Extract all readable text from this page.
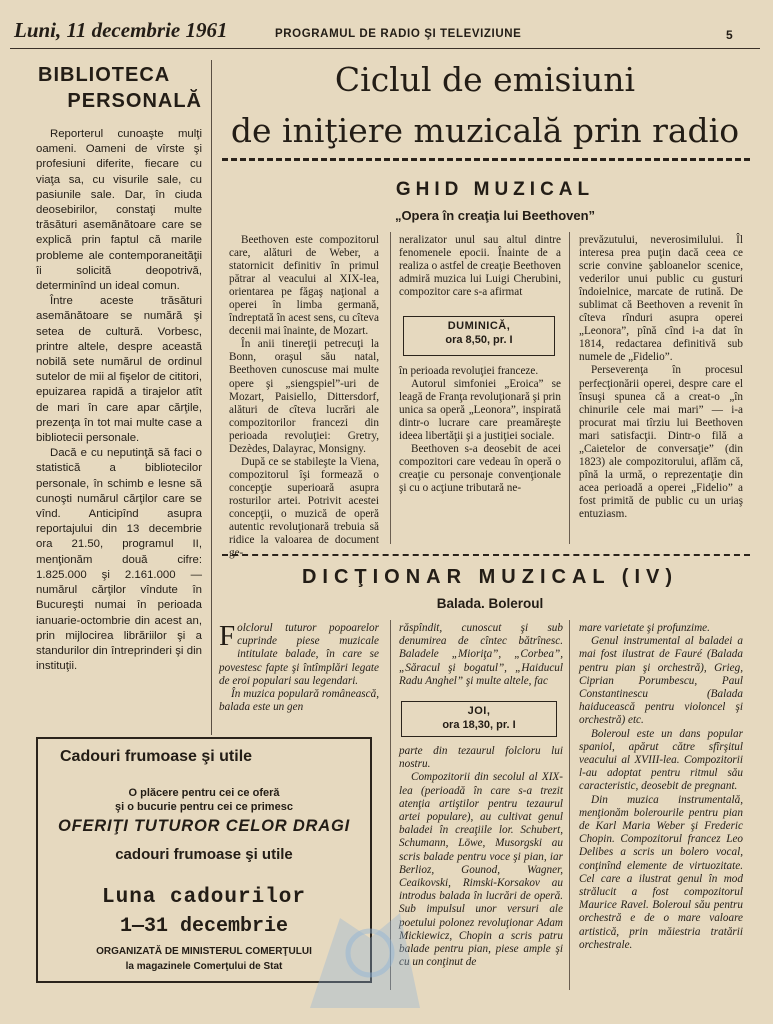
Luni, 11 decembrie 1961	PROGRAMUL DE RADIO ŞI TELEVIZIUNE	5
BIBLIOTECA
PERSONALĂ

Reporterul cunoaşte mulţi oameni. Oameni de vîrste şi profesiuni diferite, fiecare cu viaţa sa, cu visurile sale, cu pasiunile sale. Dar, în ciuda deosebirilor, constaţi multe trăsături asemănătoare care se explică prin faptul că marile probleme ale contemporaneităţii îi solicită deopotrivă, determinînd un ideal comun.

Între aceste trăsături asemănătoare se numără şi setea de cultură. Vorbesc, printre altele, despre această nobilă sete numărul de ordinul sutelor de mii al fişelor de cititori, epuizarea rapidă a tirajelor atît de mari în care apar cărţile, prezenţa în tot mai multe case a bibliotecii personale.

Dacă e cu neputinţă să faci o statistică a bibliotecilor personale, în schimb e lesne să cunoşti numărul cărţilor care se vînd. Anticipînd asupra reportajului din 13 decembrie ora 21.50, programul II, menţionăm două cifre: 1.825.000 şi 2.161.000 — numărul cărţilor vîndute în Bucureşti numai în perioada ianuarie-octombrie din acest an, prin mijlocirea librăriilor şi a standurilor din întreprinderi şi din instituţii.

Cadouri frumoase şi utile
O plăcere pentru cei ce oferă
şi o bucurie pentru cei ce primesc
OFERIŢI TUTUROR CELOR DRAGI
cadouri frumoase şi utile
Luna cadourilor
1—31 decembrie
ORGANIZATĂ DE MINISTERUL COMERŢULUI
la magazinele Comerţului de Stat
Ciclul de emisiuni
de iniţiere muzicală prin radio
GHID MUZICAL
„Opera în creaţia lui Beethoven”

Beethoven este compozitorul care, alături de Weber, a statornicit definitiv în primul pătrar al veacului al XIX-lea, orientarea pe făgaş naţional a operei în limba germană, îndreptată în acest sens, cu cîteva decenii mai înainte, de Mozart.

În anii tinereţii petrecuţi la Bonn, oraşul său natal, Beethoven cunoscuse mai multe opere şi „siengspiel”-uri de Mozart, Paisiello, Dittersdorf, alături de cîteva lucrări ale compozitorilor francezi din perioada revoluţiei: Gretry, Dezèdes, Dalayrac, Monsigny.

După ce se stabileşte la Viena, compozitorul îşi formează o concepţie superioară asupra rosturilor artei. Potrivit acestei concepţii, o muzică de operă autentic revoluţionară trebuia să ridice la valoarea de document ge-

neralizator unul sau altul dintre fenomenele epocii. Înainte de a realiza o astfel de creaţie Beethoven admiră muzica lui Luigi Cherubini, compozitor care s-a afirmat

DUMINICĂ,
ora 8,50, pr. I

în perioada revoluţiei franceze.

Autorul simfoniei „Eroica” se leagă de Franţa revoluţionară şi prin unica sa operă „Leonora”, inspirată dintr-o lucrare care preamăreşte ideea libertăţii şi a justiţiei sociale.

Beethoven s-a deosebit de acei compozitori care vedeau în operă o creaţie cu personaje convenţionale şi cu o acţiune tributară ne-

prevăzutului, neverosimilului. Îl interesa prea puţin dacă ceea ce scrie convine şabloanelor scenice, vederilor unui public cu gusturi îndoielnice, marcate de rutină. De sublimat că Beethoven a revenit în cîteva rînduri asupra operei „Leonora”, pînă cînd i-a dat în 1814, redactarea definitivă sub numele de „Fidelio”.

Perseverenţa în procesul perfecţionării operei, despre care el însuşi spunea că a creat-o „în chinurile cele mai mari” — i-a procurat mai tîrziu lui Beethoven mari satisfacţii. Dintr-o filă a „Caietelor de conversaţie” (din 1823) ale compozitorului, aflăm că, pînă la urmă, o reprezentaţie din acea perioadă a operei „Fidelio” a fost primită de public cu un uriaş entuziasm.

DICŢIONAR MUZICAL (IV)
Balada. Boleroul

Folclorul tuturor popoarelor cuprinde piese muzicale intitulate balade, în care se povestesc fapte şi întîmplări legate de eroi populari sau legendari.

În muzica populară românească, balada este un gen

răspîndit, cunoscut şi sub denumirea de cîntec bătrînesc. Baladele „Mioriţa”, „Corbea”, „Săracul şi bogatul”, „Haiducul Radu Anghel” şi multe altele, fac

JOI,
ora 18,30, pr. I

parte din tezaurul folcloru lui nostru.

Compozitorii din secolul al XIX-lea (perioadă în care s-a trezit atenţia artiştilor pentru tezaurul artei populare), au cultivat genul baladei în creaţiile lor. Schubert, Schumann, Löwe, Musorgski au scris balade pentru voce şi pian, iar Berlioz, Gounod, Wagner, Ceaikovski, Rimski-Korsakov au introdus balada în lucrări de operă. Sub impulsul unor versuri ale poetului polonez revoluţionar Adam Mickiewicz, Chopin a scris patru balade pentru pian, piese ample şi cu un conţinut de

mare varietate şi profunzime.

Genul instrumental al baladei a mai fost ilustrat de Fauré (Balada pentru pian şi orchestră), Grieg, Ciprian Porumbescu, Paul Constantinescu (Balada haiducească pentru violoncel şi orchestră) etc.

Boleroul este un dans popular spaniol, apărut către sfîrşitul veacului al XVIII-lea. Compozitorii l-au adoptat pentru ritmul său caracteristic, deosebit de pregnant.

Din muzica instrumentală, menţionăm bolerourile pentru pian de Karl Maria Weber şi Frederic Chopin. Compozitorul francez Leo Delibes a scris un bolero vocal, conţinînd elemente de virtuozitate. Cel care a ilustrat genul în mod strălucit a fost compozitorul Maurice Ravel. Boleroul său pentru orchestră e de o mare valoare artistică, prin măiestria tratării orchestrale.
